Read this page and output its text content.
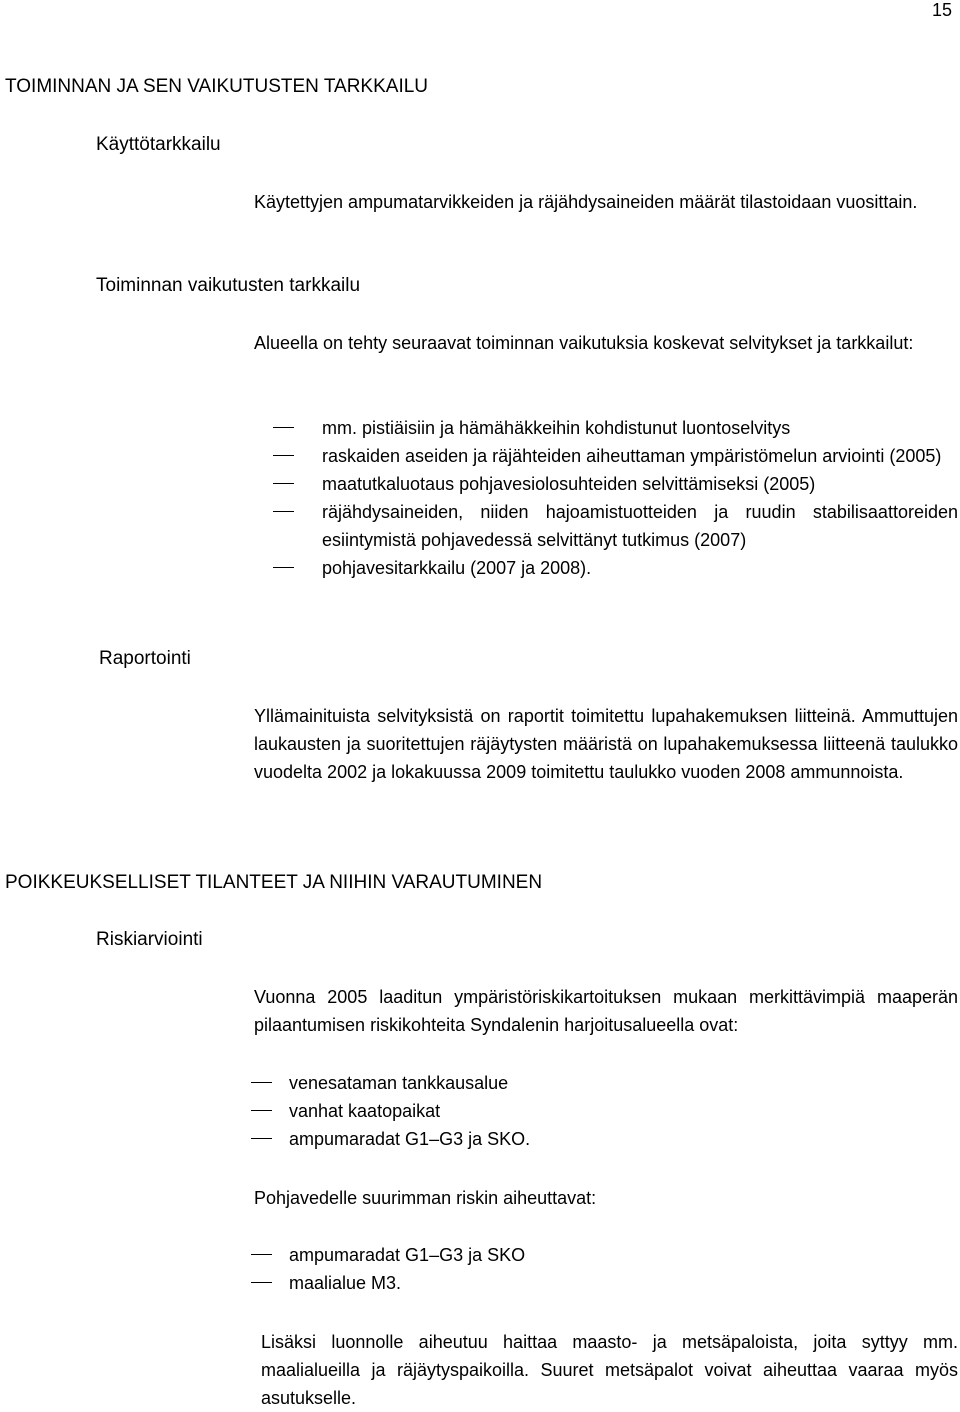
15
TOIMINNAN JA SEN VAIKUTUSTEN TARKKAILU
Käyttötarkkailu
Käytettyjen ampumatarvikkeiden ja räjähdysaineiden määrät tilastoidaan vuosittain.
Toiminnan vaikutusten tarkkailu
Alueella on tehty seuraavat toiminnan vaikutuksia koskevat selvitykset ja tarkkailut:
mm. pistiäisiin ja hämähäkkeihin kohdistunut luontoselvitys
raskaiden aseiden ja räjähteiden aiheuttaman ympäristömelun arviointi (2005)
maatutkaluotaus pohjavesiolosuhteiden selvittämiseksi (2005)
räjähdysaineiden, niiden hajoamistuotteiden ja ruudin stabilisaattoreiden esiintymistä pohjavedessä selvittänyt tutkimus (2007)
pohjavesitarkkailu (2007 ja 2008).
Raportointi
Yllämainituista selvityksistä on raportit toimitettu lupahakemuksen liitteinä. Ammuttujen laukausten ja suoritettujen räjäytysten määristä on lupahakemuksessa liitteenä taulukko vuodelta 2002 ja lokakuussa 2009 toimitettu taulukko vuoden 2008 ammunnoista.
POIKKEUKSELLISET TILANTEET JA NIIHIN VARAUTUMINEN
Riskiarviointi
Vuonna 2005 laaditun ympäristöriskikartoituksen mukaan merkittävimpiä maaperän pilaantumisen riskikohteita Syndalenin harjoitusalueella ovat:
venesataman tankkausalue
vanhat kaatopaikat
ampumaradat G1–G3 ja SKO.
Pohjavedelle suurimman riskin aiheuttavat:
ampumaradat G1–G3 ja SKO
maalialue M3.
Lisäksi luonnolle aiheutuu haittaa maasto- ja metsäpaloista, joita syttyy mm. maalialueilla ja räjäytyspaikoilla. Suuret metsäpalot voivat aiheuttaa vaaraa myös asutukselle.
